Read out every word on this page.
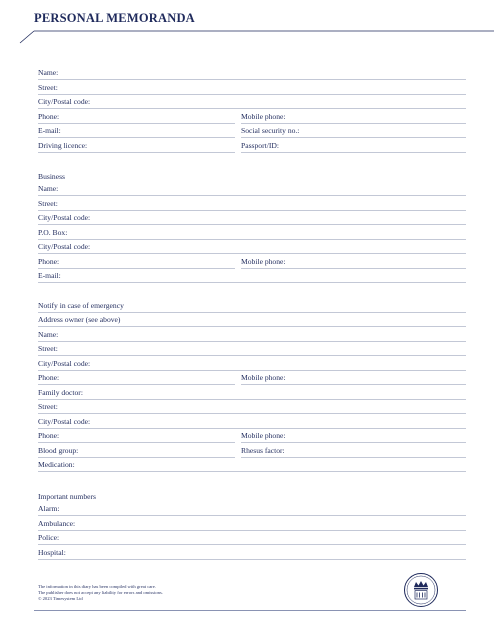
PERSONAL MEMORANDA
Name:
Street:
City/Postal code:
Phone:	Mobile phone:
E-mail:	Social security no.:
Driving licence:	Passport/ID:
Business
Name:
Street:
City/Postal code:
P.O. Box:
City/Postal code:
Phone:	Mobile phone:
E-mail:
Notify in case of emergency
Address owner (see above)
Name:
Street:
City/Postal code:
Phone:	Mobile phone:
Family doctor:
Street:
City/Postal code:
Phone:	Mobile phone:
Blood group:	Rhesus factor:
Medication:
Important numbers
Alarm:
Ambulance:
Police:
Hospital:
The information in this diary has been compiled with great care.
The publisher does not accept any liability for errors and omissions.
© 2023 Timesystem Ltd
